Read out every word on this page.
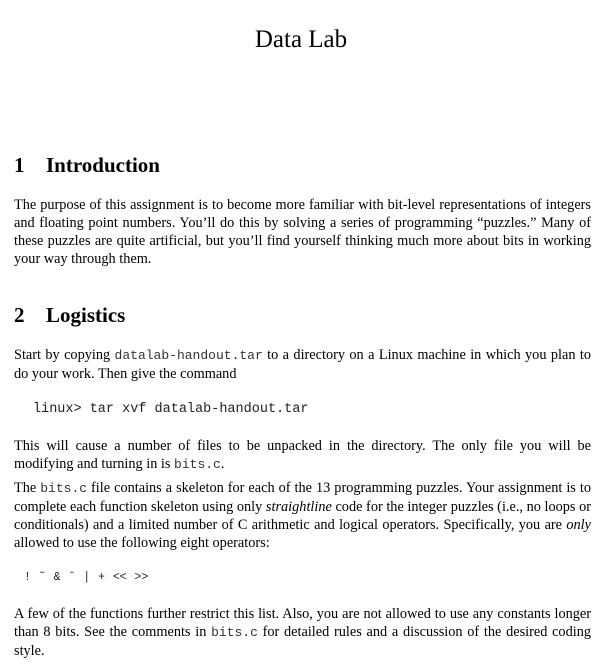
Data Lab
1 Introduction
The purpose of this assignment is to become more familiar with bit-level representations of integers and floating point numbers. You’ll do this by solving a series of programming “puzzles.” Many of these puzzles are quite artificial, but you’ll find yourself thinking much more about bits in working your way through them.
2 Logistics
Start by copying datalab-handout.tar to a directory on a Linux machine in which you plan to do your work. Then give the command
linux> tar xvf datalab-handout.tar
This will cause a number of files to be unpacked in the directory. The only file you will be modifying and turning in is bits.c.
The bits.c file contains a skeleton for each of the 13 programming puzzles. Your assignment is to complete each function skeleton using only straightline code for the integer puzzles (i.e., no loops or conditionals) and a limited number of C arithmetic and logical operators. Specifically, you are only allowed to use the following eight operators:
! ˜ & ˆ | + << >>
A few of the functions further restrict this list. Also, you are not allowed to use any constants longer than 8 bits. See the comments in bits.c for detailed rules and a discussion of the desired coding style.
